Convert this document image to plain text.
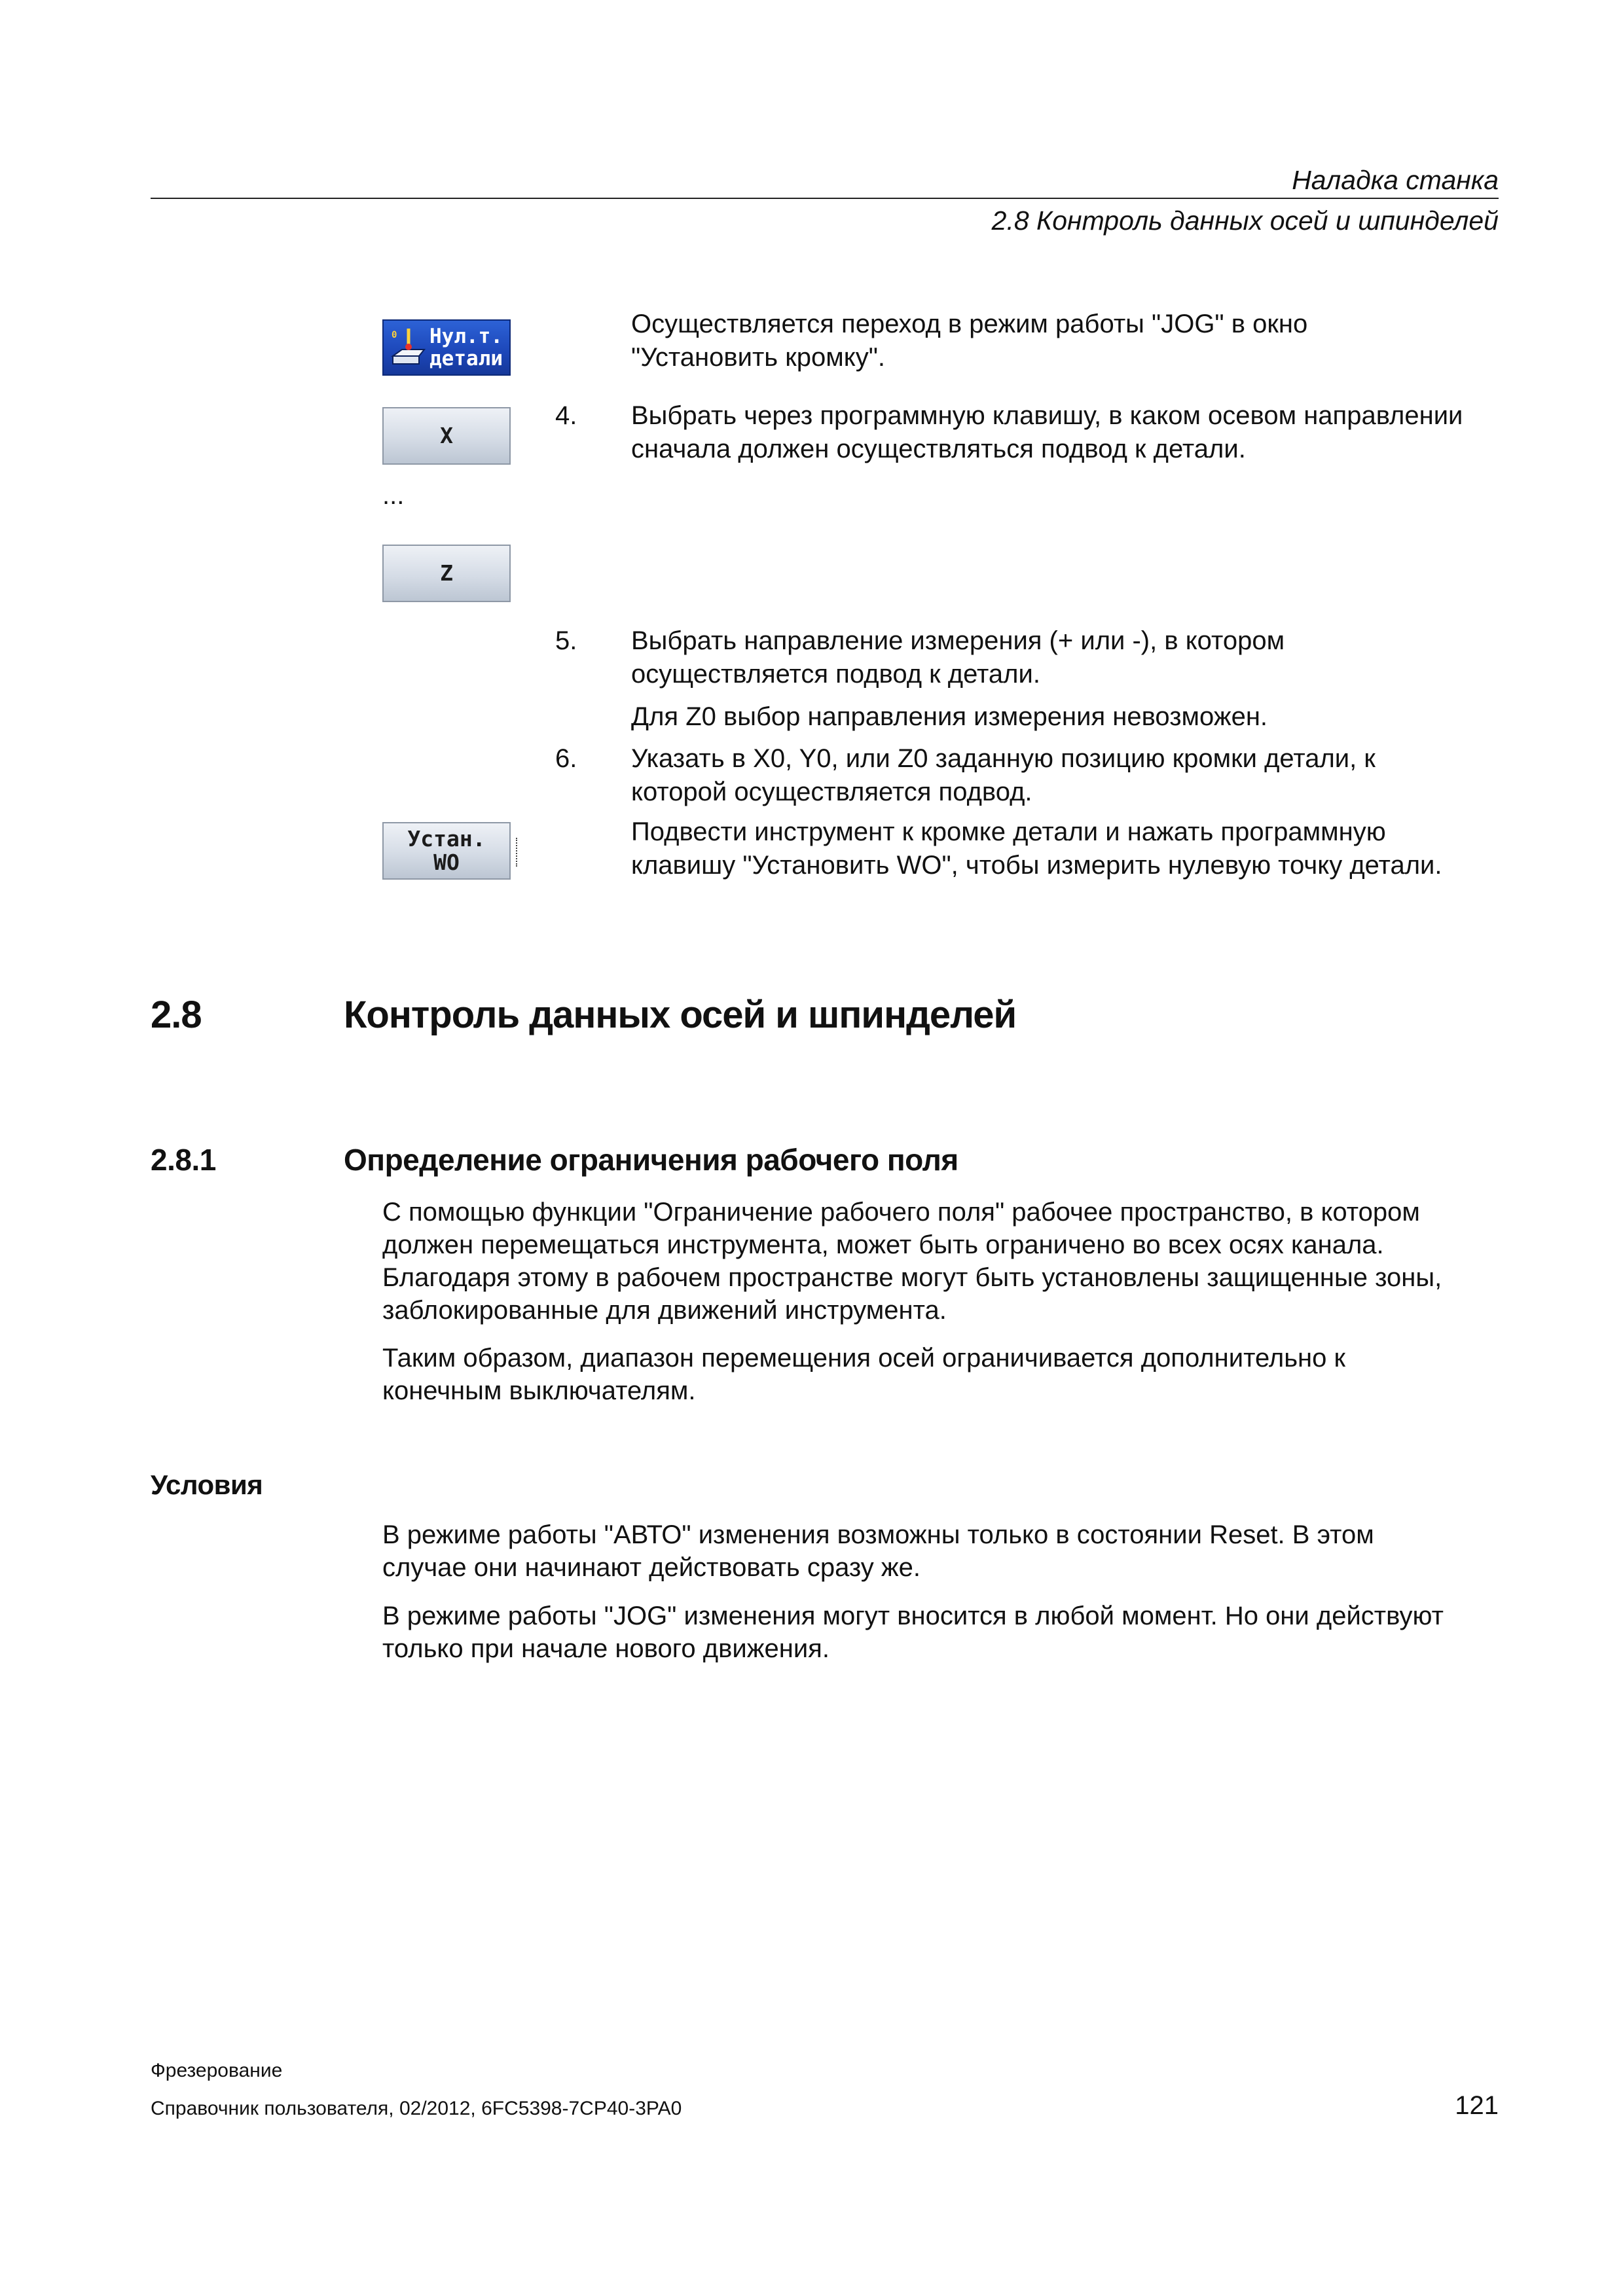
Наладка станка
2.8 Контроль данных осей и шпинделей
0 Нул.т.
детали
X
...
Z
Устан.
WO
Осуществляется переход в режим работы "JOG" в окно
"Установить кромку".
4. Выбрать через программную клавишу, в каком осевом направлении
сначала должен осуществляться подвод к детали.
5. Выбрать направление измерения (+ или -), в котором
осуществляется подвод к детали.
Для Z0 выбор направления измерения невозможен.
6. Указать в X0, Y0, или Z0 заданную позицию кромки детали, к
которой осуществляется подвод.
Подвести инструмент к кромке детали и нажать программную
клавишу "Установить WO", чтобы измерить нулевую точку детали.
2.8	Контроль данных осей и шпинделей
2.8.1	Определение ограничения рабочего поля
С помощью функции "Ограничение рабочего поля" рабочее пространство, в котором
должен перемещаться инструмента, может быть ограничено во всех осях канала.
Благодаря этому в рабочем пространстве могут быть установлены защищенные зоны,
заблокированные для движений инструмента.
Таким образом, диапазон перемещения осей ограничивается дополнительно к
конечным выключателям.
Условия
В режиме работы "АВТО" изменения возможны только в состоянии Reset. В этом
случае они начинают действовать сразу же.
В режиме работы "JOG" изменения могут вносится в любой момент. Но они действуют
только при начале нового движения.
Фрезерование
Справочник пользователя, 02/2012, 6FC5398-7CP40-3PA0	121
